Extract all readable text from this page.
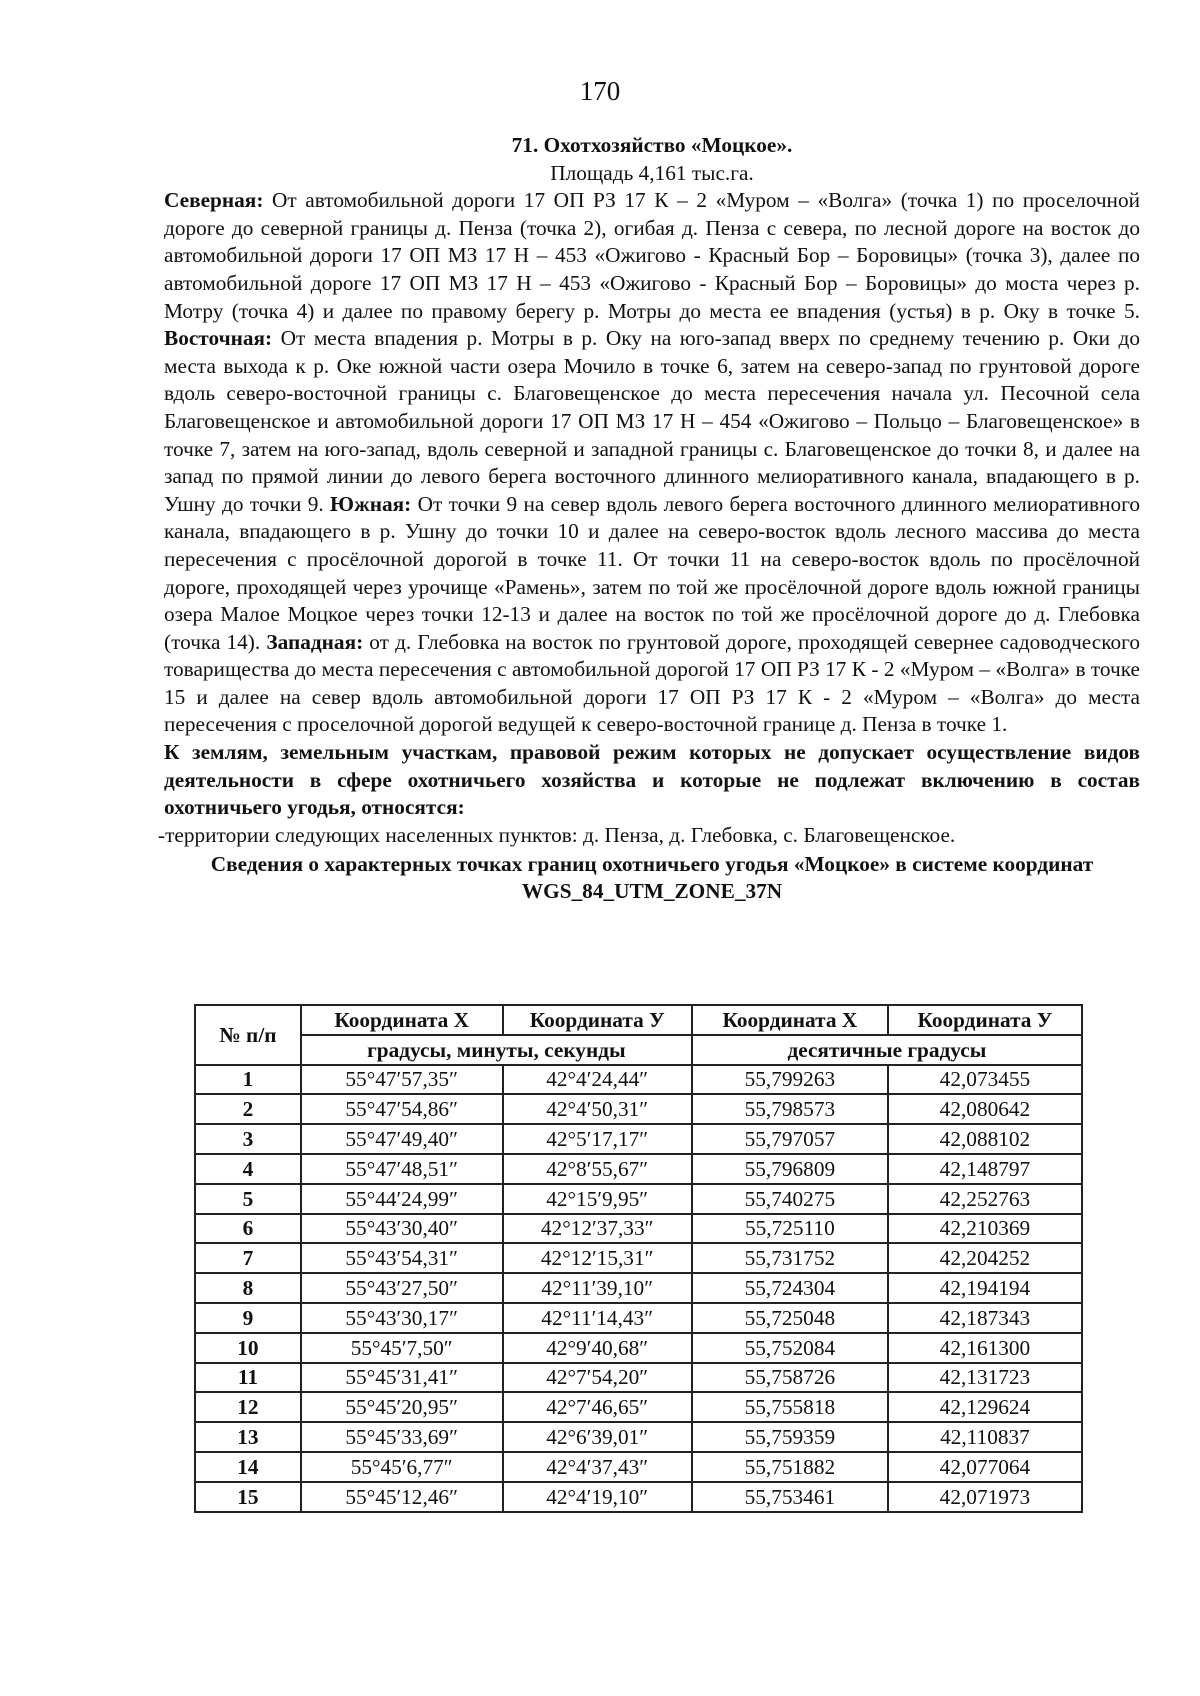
170

71. Охотхозяйство «Моцкое».

Площадь 4,161 тыс.га.

Северная: От автомобильной дороги 17 ОП РЗ 17 К – 2 «Муром – «Волга» (точка 1) по проселочной дороге до северной границы д. Пенза (точка 2), огибая д. Пенза с севера, по лесной дороге на восток до автомобильной дороги 17 ОП МЗ 17 Н – 453 «Ожигово - Красный Бор – Боровицы» (точка 3), далее по автомобильной дороге 17 ОП МЗ 17 Н – 453 «Ожигово - Красный Бор – Боровицы» до моста через р. Мотру (точка 4) и далее по правому берегу р. Мотры до места ее впадения (устья) в р. Оку в точке 5. Восточная: От места впадения р. Мотры в р. Оку на юго-запад вверх по среднему течению р. Оки до места выхода к р. Оке южной части озера Мочило в точке 6, затем на северо-запад по грунтовой дороге вдоль северо-восточной границы с. Благовещенское до места пересечения начала ул. Песочной села Благовещенское и автомобильной дороги 17 ОП МЗ 17 Н – 454 «Ожигово – Польцо – Благовещенское» в точке 7, затем на юго-запад, вдоль северной и западной границы с. Благовещенское до точки 8, и далее на запад по прямой линии до левого берега восточного длинного мелиоративного канала, впадающего в р. Ушну до точки 9. Южная: От точки 9 на север вдоль левого берега восточного длинного мелиоративного канала, впадающего в р. Ушну до точки 10 и далее на северо-восток вдоль лесного массива до места пересечения с просёлочной дорогой в точке 11. От точки 11 на северо-восток вдоль по просёлочной дороге, проходящей через урочище «Рамень», затем по той же просёлочной дороге вдоль южной границы озера Малое Моцкое через точки 12-13 и далее на восток по той же просёлочной дороге до д. Глебовка (точка 14). Западная: от д. Глебовка на восток по грунтовой дороге, проходящей севернее садоводческого товарищества до места пересечения с автомобильной дорогой 17 ОП РЗ 17 К - 2 «Муром – «Волга» в точке 15 и далее на север вдоль автомобильной дороги 17 ОП РЗ 17 К - 2 «Муром – «Волга» до места пересечения с проселочной дорогой ведущей к северо-восточной границе д. Пенза в точке 1.

К землям, земельным участкам, правовой режим которых не допускает осуществление видов деятельности в сфере охотничьего хозяйства и которые не подлежат включению в состав охотничьего угодья, относятся:

-территории следующих населенных пунктов: д. Пенза, д. Глебовка, с. Благовещенское.

Сведения о характерных точках границ охотничьего угодья «Моцкое» в системе координат WGS_84_UTM_ZONE_37N

№ п/п	Координата X	Координата У	Координата X	Координата У
	градусы, минуты, секунды		десятичные градусы	
1	55°47′57,35″	42°4′24,44″	55,799263	42,073455
2	55°47′54,86″	42°4′50,31″	55,798573	42,080642
3	55°47′49,40″	42°5′17,17″	55,797057	42,088102
4	55°47′48,51″	42°8′55,67″	55,796809	42,148797
5	55°44′24,99″	42°15′9,95″	55,740275	42,252763
6	55°43′30,40″	42°12′37,33″	55,725110	42,210369
7	55°43′54,31″	42°12′15,31″	55,731752	42,204252
8	55°43′27,50″	42°11′39,10″	55,724304	42,194194
9	55°43′30,17″	42°11′14,43″	55,725048	42,187343
10	55°45′7,50″	42°9′40,68″	55,752084	42,161300
11	55°45′31,41″	42°7′54,20″	55,758726	42,131723
12	55°45′20,95″	42°7′46,65″	55,755818	42,129624
13	55°45′33,69″	42°6′39,01″	55,759359	42,110837
14	55°45′6,77″	42°4′37,43″	55,751882	42,077064
15	55°45′12,46″	42°4′19,10″	55,753461	42,071973
